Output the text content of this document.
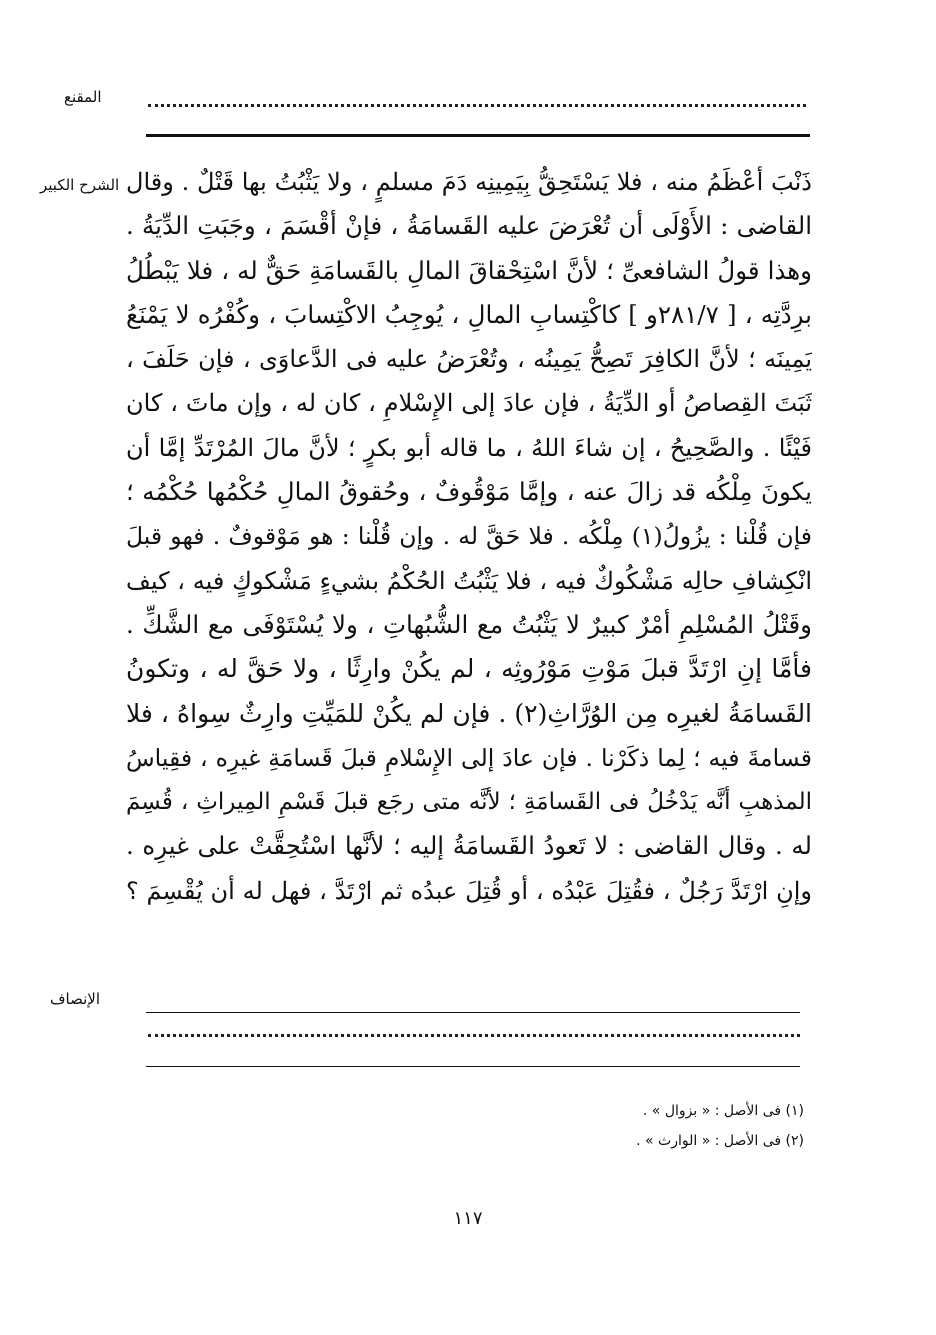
المقنع
الشرح الكبير ذَنْبَ أعْظَمُ منه ، فلا يَسْتَحِقُّ بِيَمِينِه دَمَ مسلمٍ ، ولا يَثْبُتُ بها قَتْلٌ . وقال
القاضى : الأَوْلَى أن تُعْرَضَ عليه القَسامَةُ ، فإنْ أقْسَمَ ، وجَبَتِ الدِّيَةُ .
وهذا قولُ الشافعىِّ ؛ لأنَّ اسْتِحْقاقَ المالِ بالقَسامَةِ حَقٌّ له ، فلا يَبْطُلُ
برِدَّتِه ، [ ٢٨١/٧و ] كاكْتِسابِ المالِ ، يُوجِبُ الاكْتِسابَ ، وكُفْرُه لا يَمْنَعُ
يَمِينَه ؛ لأنَّ الكافِرَ تَصِحُّ يَمِينُه ، وتُعْرَضُ عليه فى الدَّعاوَى ، فإن حَلَفَ ،
ثَبَتَ القِصاصُ أو الدِّيَةُ ، فإن عادَ إلى الإِسْلامِ ، كان له ، وإن ماتَ ، كان
فَيْئًا . والصَّحِيحُ ، إن شاءَ اللهُ ، ما قاله أبو بكرٍ ؛ لأنَّ مالَ المُرْتَدِّ إمَّا أن
يكونَ مِلْكُه قد زالَ عنه ، وإمَّا مَوْقُوفٌ ، وحُقوقُ المالِ حُكْمُها حُكْمُه ؛
فإن قُلْنا : يزُولُ(١) مِلْكُه . فلا حَقَّ له . وإن قُلْنا : هو مَوْقوفٌ . فهو قبلَ
انْكِشافِ حالِه مَشْكُوكٌ فيه ، فلا يَثْبُتُ الحُكْمُ بشيءٍ مَشْكوكٍ فيه ، كيف
وقَتْلُ المُسْلِمِ أمْرٌ كبيرٌ لا يَثْبُتُ مع الشُّبُهاتِ ، ولا يُسْتَوْفَى مع الشَّكِّ .
فأمَّا إنِ ارْتَدَّ قبلَ مَوْتِ مَوْرُوثِه ، لم يكُنْ وارِثًا ، ولا حَقَّ له ، وتكونُ
القَسامَةُ لغيرِه مِن الوُرَّاثِ(٢) . فإن لم يكُنْ للمَيِّتِ وارِثٌ سِواهُ ، فلا
قسامةَ فيه ؛ لِما ذكَرْنا . فإن عادَ إلى الإِسْلامِ قبلَ قَسامَةِ غيرِه ، فقِياسُ
المذهبِ أنَّه يَدْخُلُ فى القَسامَةِ ؛ لأنَّه متى رجَع قبلَ قَسْمِ المِيراثِ ، قُسِمَ
له . وقال القاضى : لا تَعودُ القَسامَةُ إليه ؛ لأنَّها اسْتُحِقَّتْ على غيرِه .
وإنِ ارْتَدَّ رَجُلٌ ، فقُتِلَ عَبْدُه ، أو قُتِلَ عبدُه ثم ارْتَدَّ ، فهل له أن يُقْسِمَ ؟
الإنصاف
(١) فى الأصل : « بزوال » .
(٢) فى الأصل : « الوارث » .
١١٧
